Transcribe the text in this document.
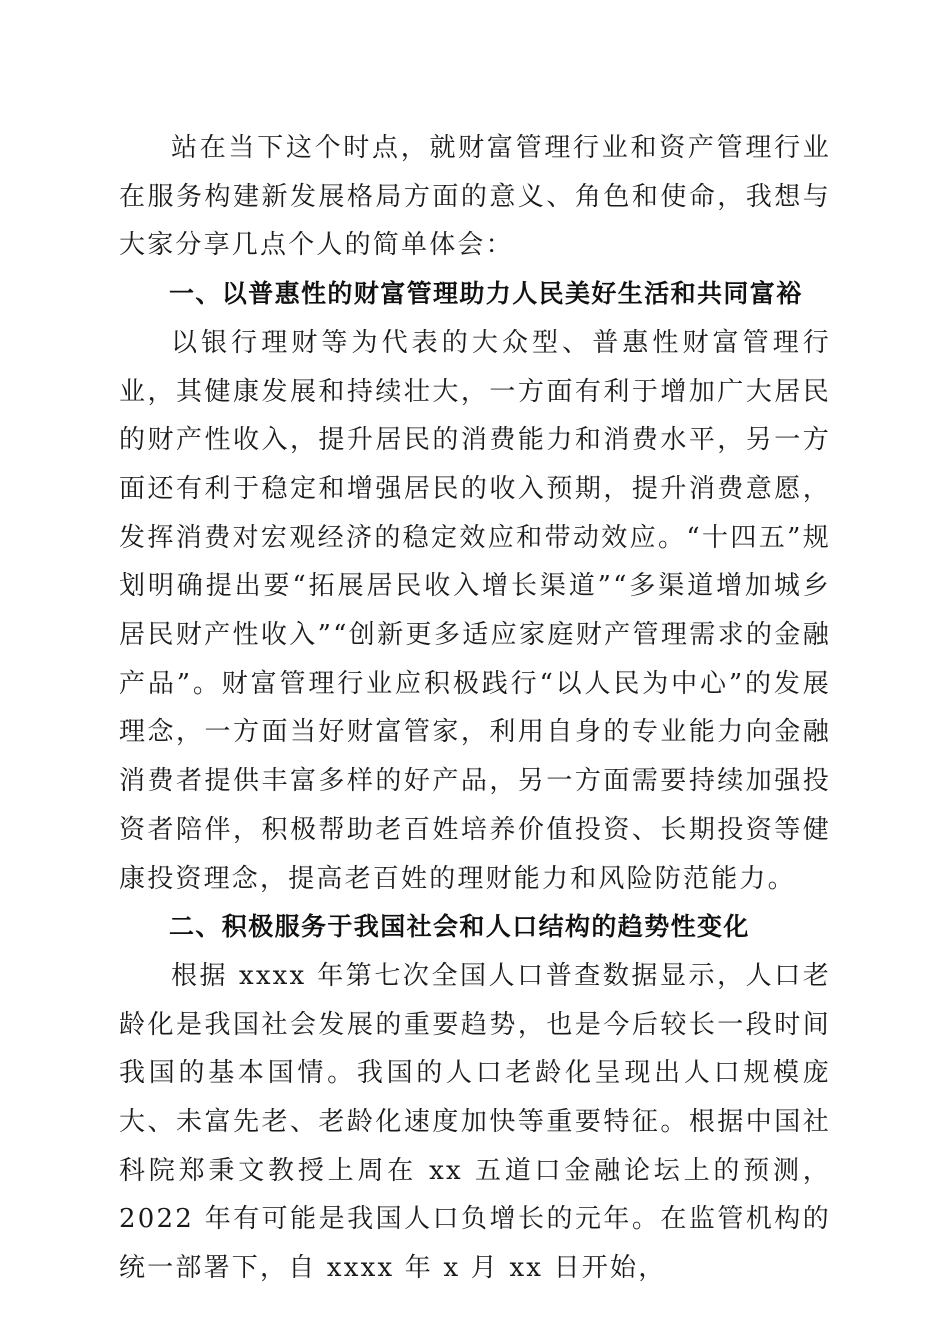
站在当下这个时点，就财富管理行业和资产管理行业在服务构建新发展格局方面的意义、角色和使命，我想与大家分享几点个人的简单体会：

一、以普惠性的财富管理助力人民美好生活和共同富裕

以银行理财等为代表的大众型、普惠性财富管理行业，其健康发展和持续壮大，一方面有利于增加广大居民的财产性收入，提升居民的消费能力和消费水平，另一方面还有利于稳定和增强居民的收入预期，提升消费意愿，发挥消费对宏观经济的稳定效应和带动效应。“十四五”规划明确提出要“拓展居民收入增长渠道”“多渠道增加城乡居民财产性收入”“创新更多适应家庭财产管理需求的金融产品”。财富管理行业应积极践行“以人民为中心”的发展理念，一方面当好财富管家，利用自身的专业能力向金融消费者提供丰富多样的好产品，另一方面需要持续加强投资者陪伴，积极帮助老百姓培养价值投资、长期投资等健康投资理念，提高老百姓的理财能力和风险防范能力。

二、积极服务于我国社会和人口结构的趋势性变化

根据 xxxx 年第七次全国人口普查数据显示，人口老龄化是我国社会发展的重要趋势，也是今后较长一段时间我国的基本国情。我国的人口老龄化呈现出人口规模庞大、未富先老、老龄化速度加快等重要特征。根据中国社科院郑秉文教授上周在 xx 五道口金融论坛上的预测，2022 年有可能是我国人口负增长的元年。在监管机构的统一部署下，自 xxxx 年 x 月 xx 日开始，
